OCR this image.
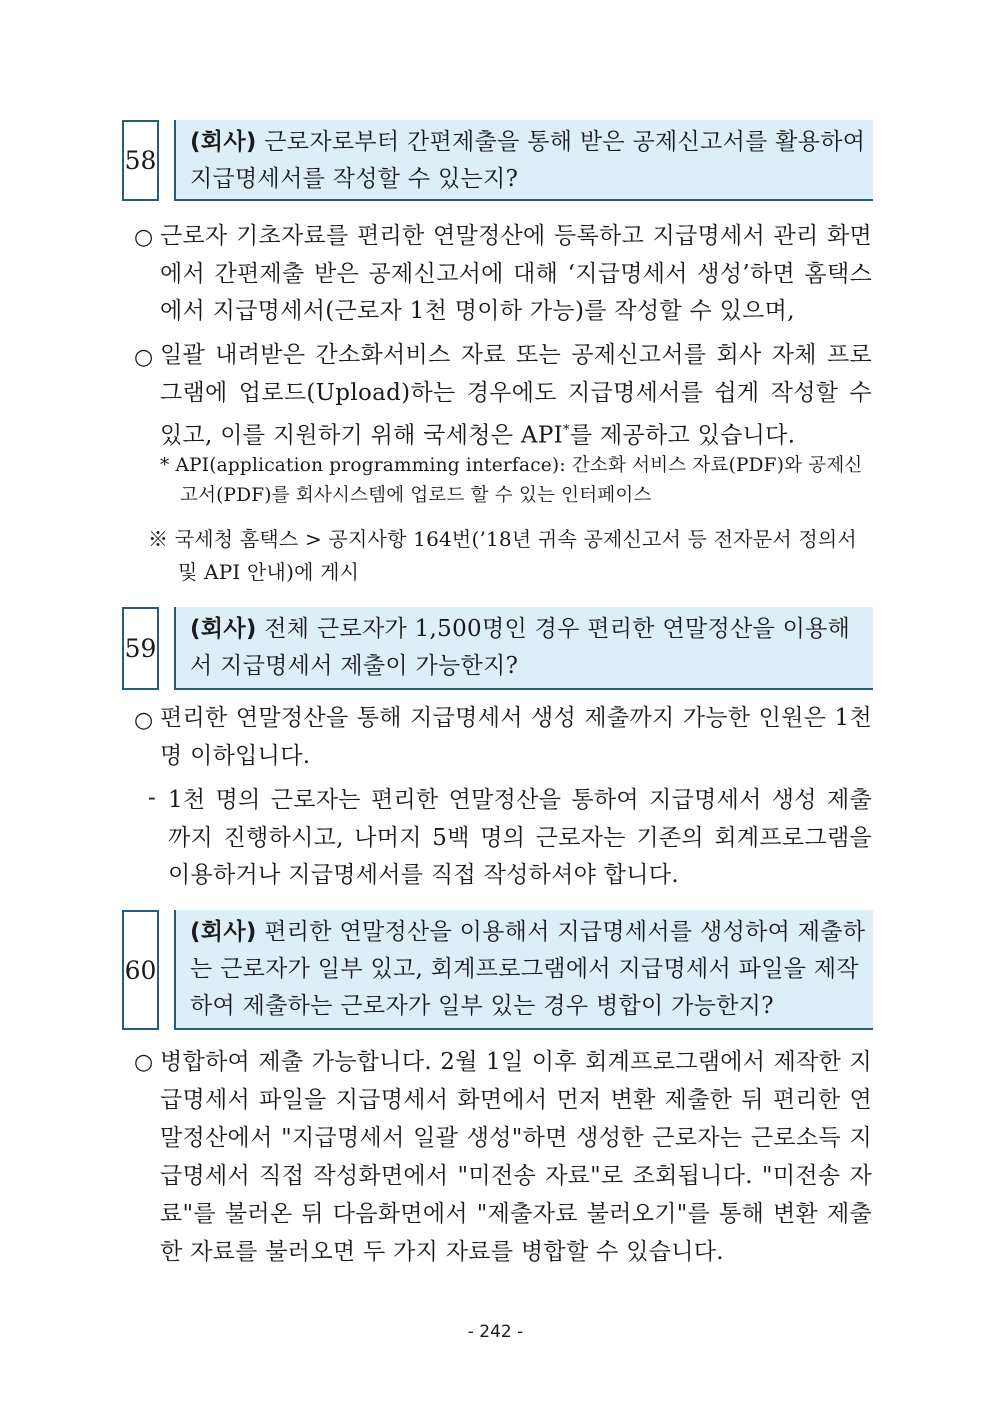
58
(회사) 근로자로부터 간편제출을 통해 받은 공제신고서를 활용하여 지급명세서를 작성할 수 있는지?
○ 근로자 기초자료를 편리한 연말정산에 등록하고 지급명세서 관리 화면에서 간편제출 받은 공제신고서에 대해 ‘지급명세서 생성’하면 홈택스에서 지급명세서(근로자 1천 명이하 가능)를 작성할 수 있으며,
○ 일괄 내려받은 간소화서비스 자료 또는 공제신고서를 회사 자체 프로그램에 업로드(Upload)하는 경우에도 지급명세서를 쉽게 작성할 수 있고, 이를 지원하기 위해 국세청은 API*를 제공하고 있습니다.
* API(application programming interface): 간소화 서비스 자료(PDF)와 공제신고서(PDF)를 회사시스템에 업로드 할 수 있는 인터페이스
※ 국세청 홈택스 > 공지사항 164번(’18년 귀속 공제신고서 등 전자문서 정의서 및 API 안내)에 게시
59
(회사) 전체 근로자가 1,500명인 경우 편리한 연말정산을 이용해서 지급명세서 제출이 가능한지?
○ 편리한 연말정산을 통해 지급명세서 생성 제출까지 가능한 인원은 1천명 이하입니다.
- 1천 명의 근로자는 편리한 연말정산을 통하여 지급명세서 생성 제출까지 진행하시고, 나머지 5백 명의 근로자는 기존의 회계프로그램을 이용하거나 지급명세서를 직접 작성하셔야 합니다.
60
(회사) 편리한 연말정산을 이용해서 지급명세서를 생성하여 제출하는 근로자가 일부 있고, 회계프로그램에서 지급명세서 파일을 제작하여 제출하는 근로자가 일부 있는 경우 병합이 가능한지?
○ 병합하여 제출 가능합니다. 2월 1일 이후 회계프로그램에서 제작한 지급명세서 파일을 지급명세서 화면에서 먼저 변환 제출한 뒤 편리한 연말정산에서 "지급명세서 일괄 생성"하면 생성한 근로자는 근로소득 지급명세서 직접 작성화면에서 "미전송 자료"로 조회됩니다. "미전송 자료"를 불러온 뒤 다음화면에서 "제출자료 불러오기"를 통해 변환 제출한 자료를 불러오면 두 가지 자료를 병합할 수 있습니다.
- 242 -
